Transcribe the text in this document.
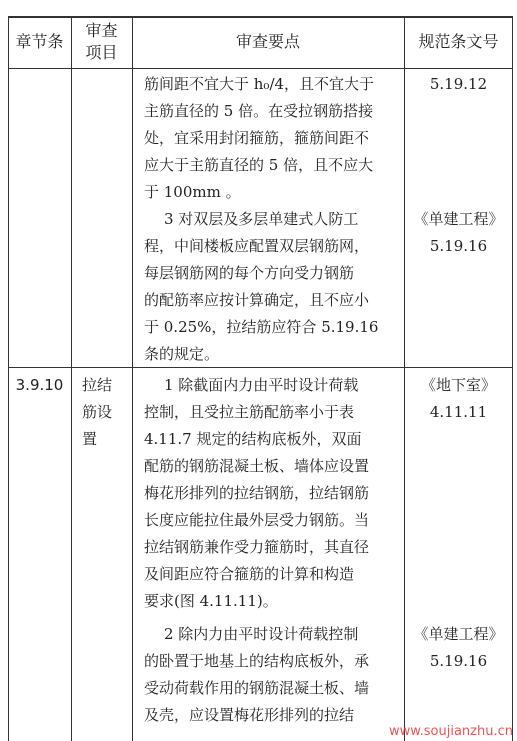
章节条
审查
项目
审查要点	规范条文号
筋间距不宜大于 h₀/4，且不宜大于
主筋直径的 5 倍。在受拉钢筋搭接
处，宜采用封闭箍筋，箍筋间距不
应大于主筋直径的 5 倍，且不应大
于 100mm 。
5.19.12
3 对双层及多层单建式人防工
程，中间楼板应配置双层钢筋网，
每层钢筋网的每个方向受力钢筋
的配筋率应按计算确定，且不应小
于 0.25%，拉结筋应符合 5.19.16
条的规定。
《单建工程》
5.19.16
3.9.10	拉结
筋设
置
1 除截面内力由平时设计荷载
控制，且受拉主筋配筋率小于表
4.11.7 规定的结构底板外，双面
配筋的钢筋混凝土板、墙体应设置
梅花形排列的拉结钢筋，拉结钢筋
长度应能拉住最外层受力钢筋。当
拉结钢筋兼作受力箍筋时，其直径
及间距应符合箍筋的计算和构造
要求(图 4.11.11)。
《地下室》
4.11.11
2 除内力由平时设计荷载控制
的卧置于地基上的结构底板外，承
受动荷载作用的钢筋混凝土板、墙
及壳，应设置梅花形排列的拉结
《单建工程》
5.19.16
www.soujianzhu.cn
